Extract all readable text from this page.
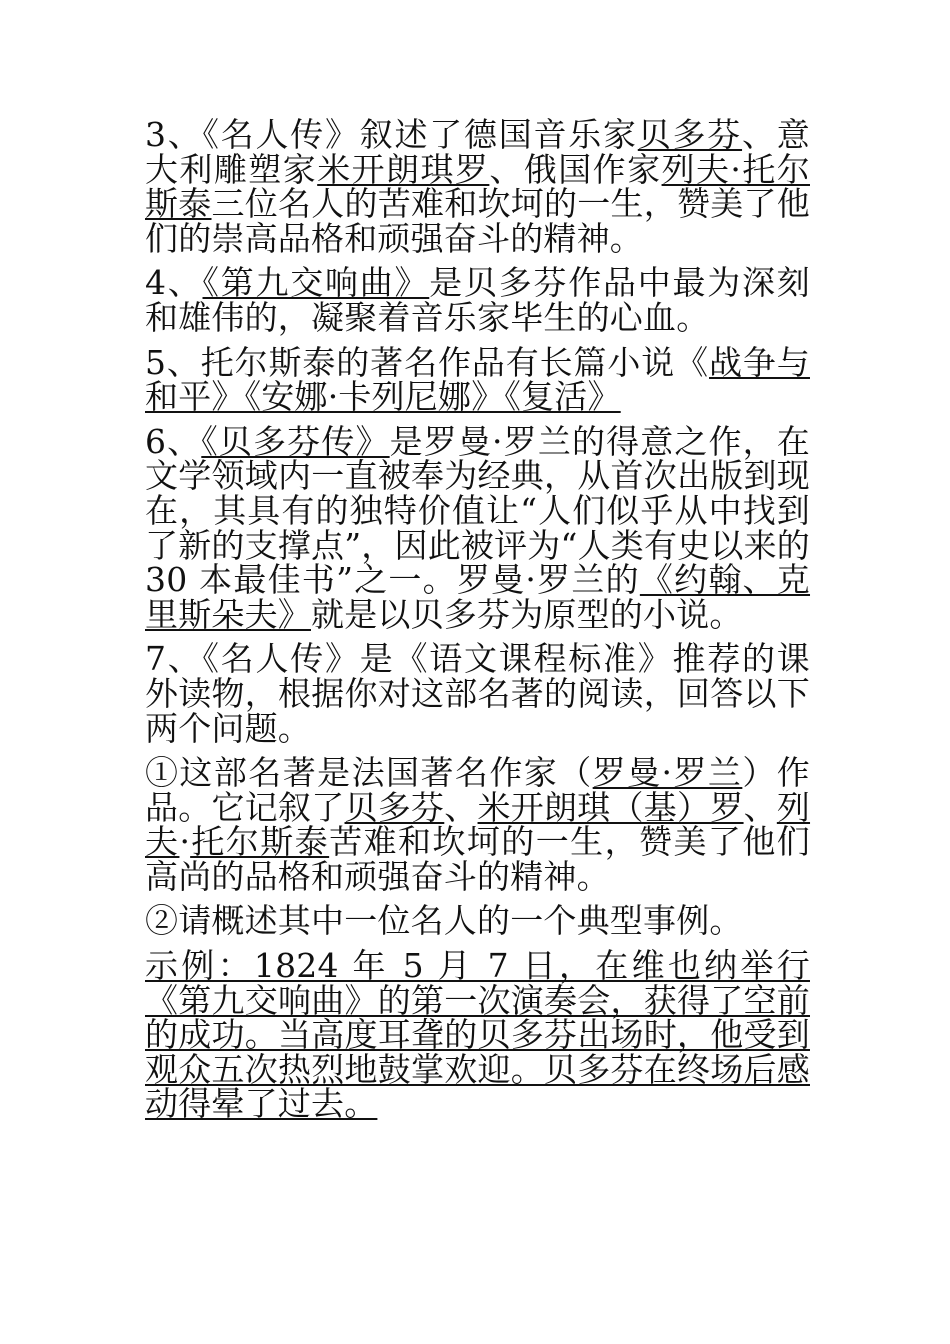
3、《名人传》叙述了德国音乐家贝多芬、意大利雕塑家米开朗琪罗、俄国作家列夫·托尔斯泰三位名人的苦难和坎坷的一生，赞美了他们的崇高品格和顽强奋斗的精神。

4、《第九交响曲》是贝多芬作品中最为深刻和雄伟的，凝聚着音乐家毕生的心血。

5、托尔斯泰的著名作品有长篇小说《战争与和平》《安娜·卡列尼娜》《复活》

6、《贝多芬传》是罗曼·罗兰的得意之作，在文学领域内一直被奉为经典，从首次出版到现在，其具有的独特价值让“人们似乎从中找到了新的支撑点”，因此被评为“人类有史以来的 30 本最佳书”之一。罗曼·罗兰的《约翰、克里斯朵夫》就是以贝多芬为原型的小说。

7、《名人传》是《语文课程标准》推荐的课外读物，根据你对这部名著的阅读，回答以下两个问题。

①这部名著是法国著名作家（罗曼·罗兰）作品。它记叙了贝多芬、米开朗琪（基）罗、列夫·托尔斯泰苦难和坎坷的一生，赞美了他们高尚的品格和顽强奋斗的精神。

②请概述其中一位名人的一个典型事例。

示例：1824 年 5 月 7 日，在维也纳举行《第九交响曲》的第一次演奏会，获得了空前的成功。当高度耳聋的贝多芬出场时，他受到观众五次热烈地鼓掌欢迎。贝多芬在终场后感动得晕了过去。
